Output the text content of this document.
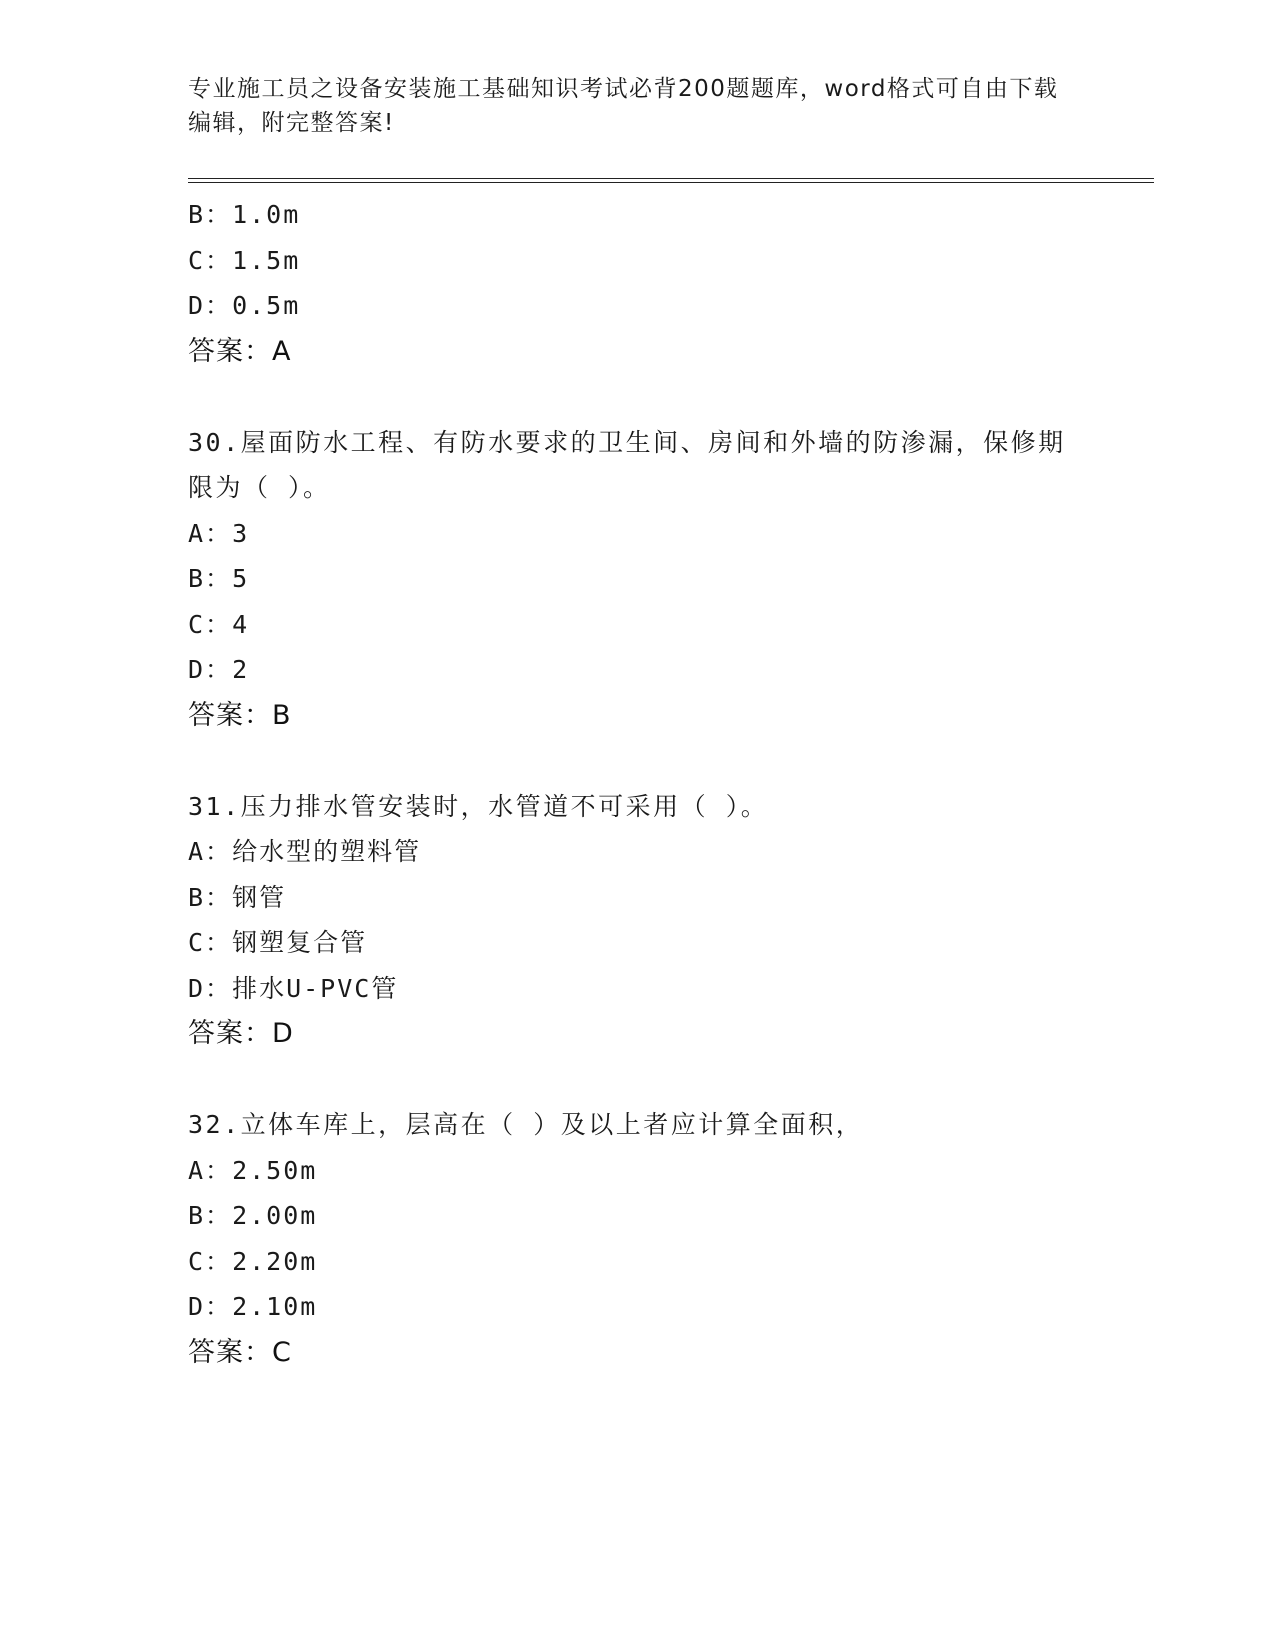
专业施工员之设备安装施工基础知识考试必背200题题库，word格式可自由下载编辑，附完整答案!
B：1.0m
C：1.5m
D：0.5m
答案：A
30.屋面防水工程、有防水要求的卫生间、房间和外墙的防渗漏，保修期限为（ ）。
A：3
B：5
C：4
D：2
答案：B
31.压力排水管安装时，水管道不可采用（ ）。
A：给水型的塑料管
B：钢管
C：钢塑复合管
D：排水U-PVC管
答案：D
32.立体车库上，层高在（ ）及以上者应计算全面积，
A：2.50m
B：2.00m
C：2.20m
D：2.10m
答案：C
